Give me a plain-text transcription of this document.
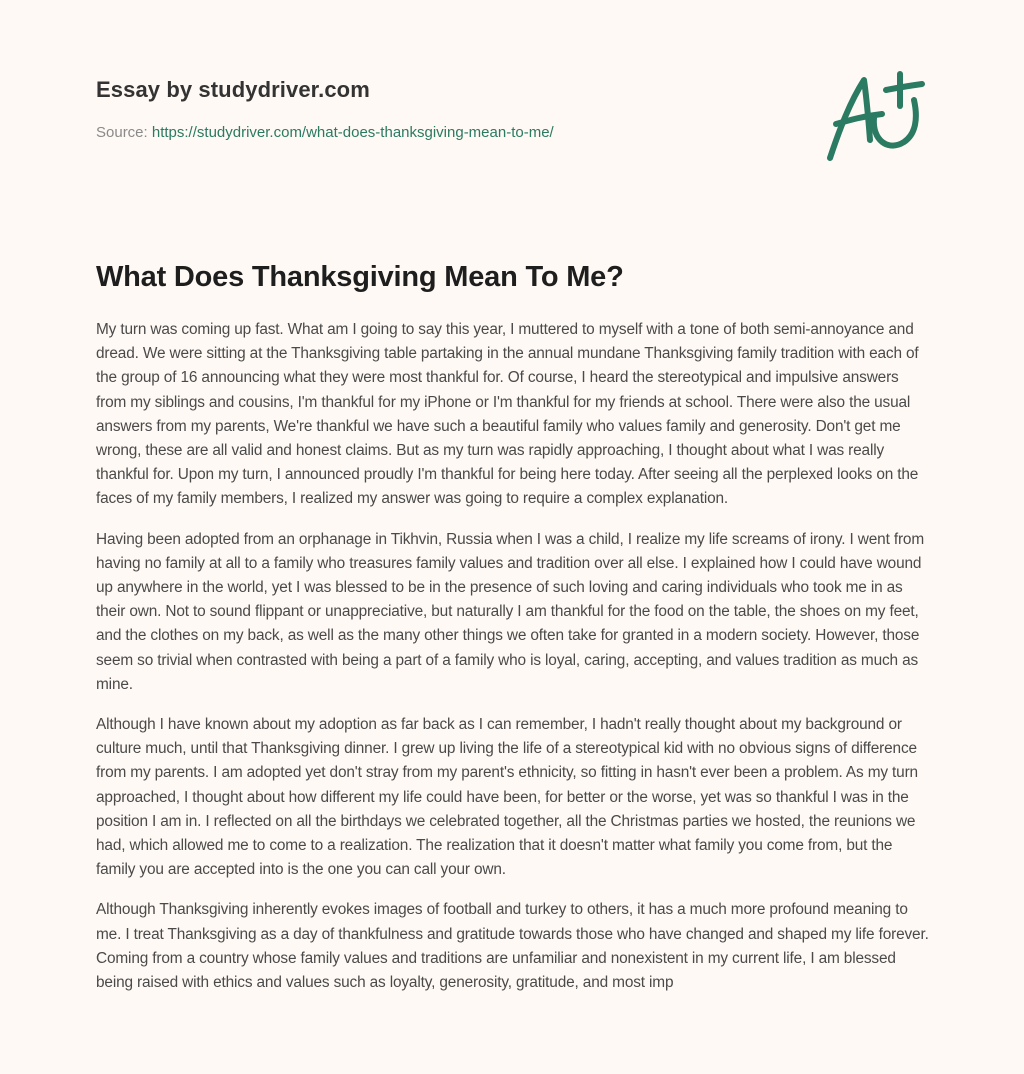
Essay by studydriver.com
Source: https://studydriver.com/what-does-thanksgiving-mean-to-me/
What Does Thanksgiving Mean To Me?

My turn was coming up fast. What am I going to say this year, I muttered to myself with a tone of both semi-annoyance and dread. We were sitting at the Thanksgiving table partaking in the annual mundane Thanksgiving family tradition with each of the group of 16 announcing what they were most thankful for. Of course, I heard the stereotypical and impulsive answers from my siblings and cousins, I'm thankful for my iPhone or I'm thankful for my friends at school. There were also the usual answers from my parents, We're thankful we have such a beautiful family who values family and generosity. Don't get me wrong, these are all valid and honest claims. But as my turn was rapidly approaching, I thought about what I was really thankful for. Upon my turn, I announced proudly I'm thankful for being here today. After seeing all the perplexed looks on the faces of my family members, I realized my answer was going to require a complex explanation.

Having been adopted from an orphanage in Tikhvin, Russia when I was a child, I realize my life screams of irony. I went from having no family at all to a family who treasures family values and tradition over all else. I explained how I could have wound up anywhere in the world, yet I was blessed to be in the presence of such loving and caring individuals who took me in as their own. Not to sound flippant or unappreciative, but naturally I am thankful for the food on the table, the shoes on my feet, and the clothes on my back, as well as the many other things we often take for granted in a modern society. However, those seem so trivial when contrasted with being a part of a family who is loyal, caring, accepting, and values tradition as much as mine.

Although I have known about my adoption as far back as I can remember, I hadn't really thought about my background or culture much, until that Thanksgiving dinner. I grew up living the life of a stereotypical kid with no obvious signs of difference from my parents. I am adopted yet don't stray from my parent's ethnicity, so fitting in hasn't ever been a problem. As my turn approached, I thought about how different my life could have been, for better or the worse, yet was so thankful I was in the position I am in. I reflected on all the birthdays we celebrated together, all the Christmas parties we hosted, the reunions we had, which allowed me to come to a realization. The realization that it doesn't matter what family you come from, but the family you are accepted into is the one you can call your own.

Although Thanksgiving inherently evokes images of football and turkey to others, it has a much more profound meaning to me. I treat Thanksgiving as a day of thankfulness and gratitude towards those who have changed and shaped my life forever. Coming from a country whose family values and traditions are unfamiliar and nonexistent in my current life, I am blessed being raised with ethics and values such as loyalty, generosity, gratitude, and most imp
